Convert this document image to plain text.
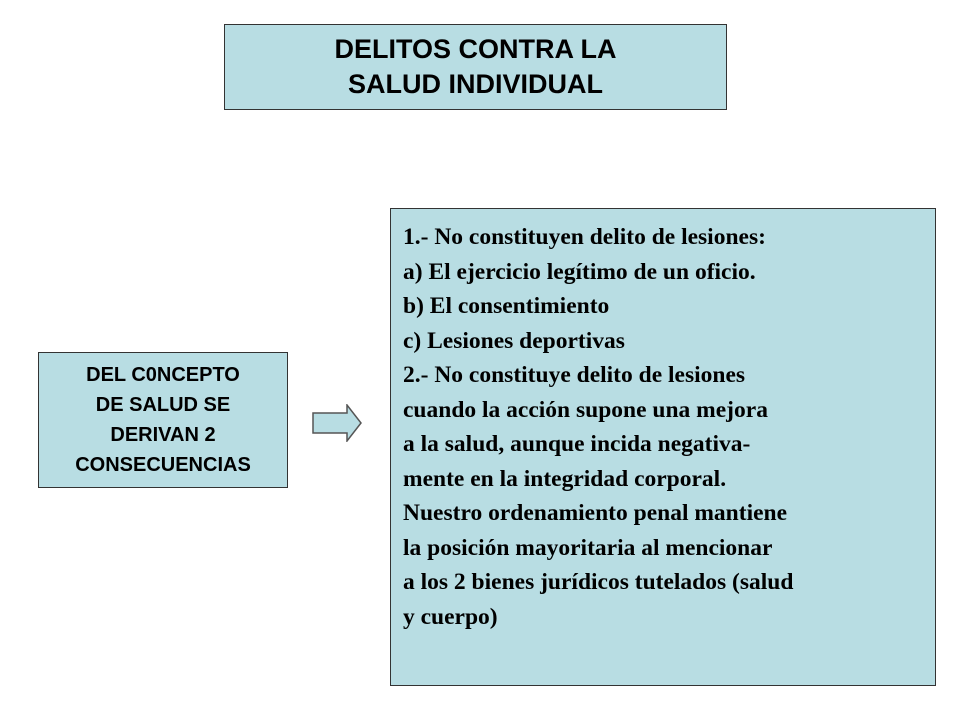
DELITOS CONTRA LA
SALUD INDIVIDUAL
DEL C0NCEPTO
DE SALUD SE
DERIVAN 2
CONSECUENCIAS
1.- No constituyen delito de lesiones:
a) El ejercicio legítimo de un oficio.
b) El consentimiento
c) Lesiones deportivas
2.- No constituye delito de lesiones
cuando la acción supone una mejora
a la salud, aunque incida negativa-
mente en la integridad corporal.
Nuestro ordenamiento penal mantiene
la posición mayoritaria al mencionar
a los 2 bienes jurídicos tutelados (salud
y cuerpo)
